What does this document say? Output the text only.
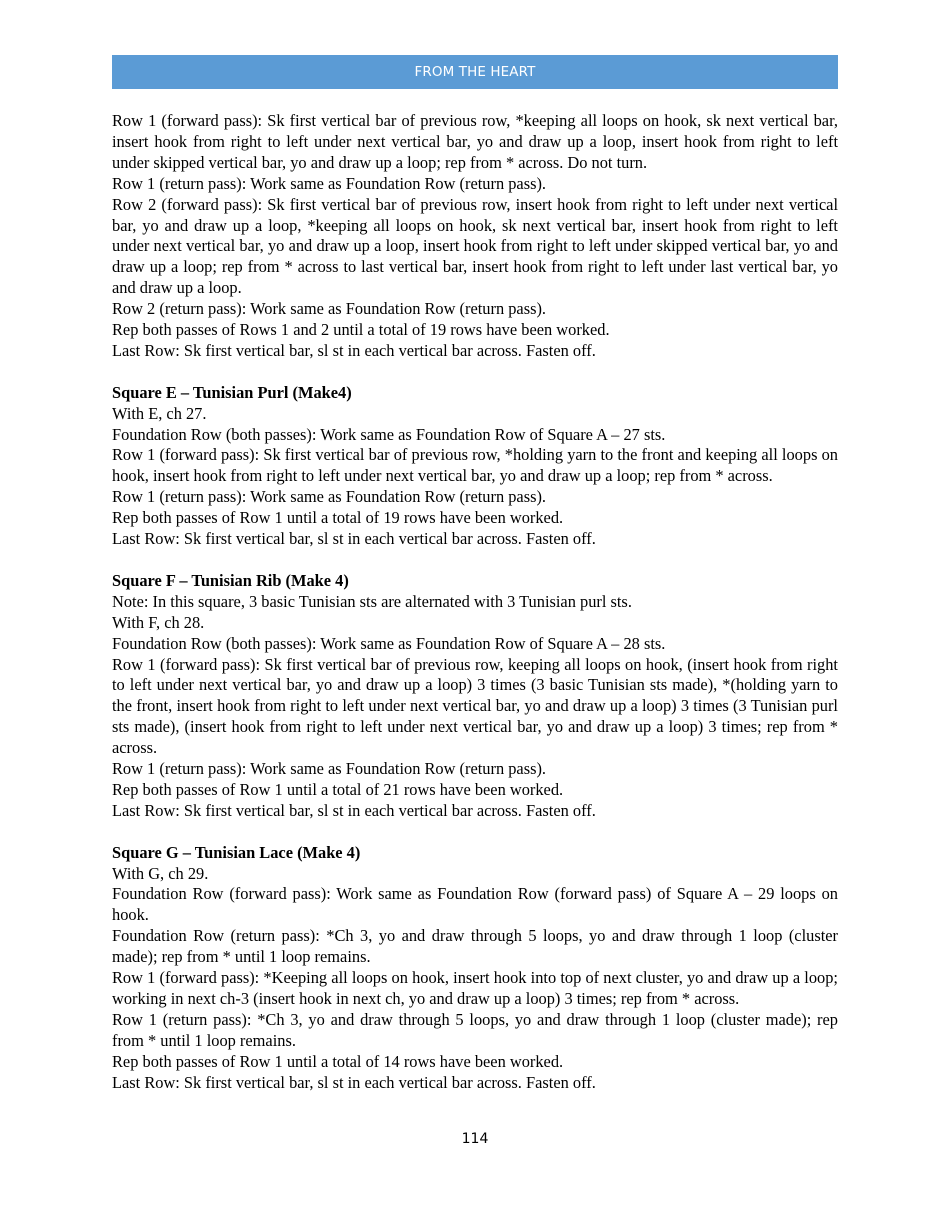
FROM THE HEART

Row 1 (forward pass): Sk first vertical bar of previous row, *keeping all loops on hook, sk next vertical bar, insert hook from right to left under next vertical bar, yo and draw up a loop, insert hook from right to left under skipped vertical bar, yo and draw up a loop; rep from * across. Do not turn.

Row 1 (return pass): Work same as Foundation Row (return pass).

Row 2 (forward pass): Sk first vertical bar of previous row, insert hook from right to left under next vertical bar, yo and draw up a loop, *keeping all loops on hook, sk next vertical bar, insert hook from right to left under next vertical bar, yo and draw up a loop, insert hook from right to left under skipped vertical bar, yo and draw up a loop; rep from * across to last vertical bar, insert hook from right to left under last vertical bar, yo and draw up a loop.

Row 2 (return pass): Work same as Foundation Row (return pass).

Rep both passes of Rows 1 and 2 until a total of 19 rows have been worked.

Last Row: Sk first vertical bar, sl st in each vertical bar across. Fasten off.

Square E – Tunisian Purl (Make4)

With E, ch 27.

Foundation Row (both passes): Work same as Foundation Row of Square A – 27 sts.

Row 1 (forward pass): Sk first vertical bar of previous row, *holding yarn to the front and keeping all loops on hook, insert hook from right to left under next vertical bar, yo and draw up a loop; rep from * across.

Row 1 (return pass): Work same as Foundation Row (return pass).

Rep both passes of Row 1 until a total of 19 rows have been worked.

Last Row: Sk first vertical bar, sl st in each vertical bar across. Fasten off.

Square F – Tunisian Rib (Make 4)

Note: In this square, 3 basic Tunisian sts are alternated with 3 Tunisian purl sts.

With F, ch 28.

Foundation Row (both passes): Work same as Foundation Row of Square A – 28 sts.

Row 1 (forward pass): Sk first vertical bar of previous row, keeping all loops on hook, (insert hook from right to left under next vertical bar, yo and draw up a loop) 3 times (3 basic Tunisian sts made), *(holding yarn to the front, insert hook from right to left under next vertical bar, yo and draw up a loop) 3 times (3 Tunisian purl sts made), (insert hook from right to left under next vertical bar, yo and draw up a loop) 3 times; rep from * across.

Row 1 (return pass): Work same as Foundation Row (return pass).

Rep both passes of Row 1 until a total of 21 rows have been worked.

Last Row: Sk first vertical bar, sl st in each vertical bar across. Fasten off.

Square G – Tunisian Lace (Make 4)

With G, ch 29.

Foundation Row (forward pass): Work same as Foundation Row (forward pass) of Square A – 29 loops on hook.

Foundation Row (return pass): *Ch 3, yo and draw through 5 loops, yo and draw through 1 loop (cluster made); rep from * until 1 loop remains.

Row 1 (forward pass): *Keeping all loops on hook, insert hook into top of next cluster, yo and draw up a loop; working in next ch-3 (insert hook in next ch, yo and draw up a loop) 3 times; rep from * across.

Row 1 (return pass): *Ch 3, yo and draw through 5 loops, yo and draw through 1 loop (cluster made); rep from * until 1 loop remains.

Rep both passes of Row 1 until a total of 14 rows have been worked.

Last Row: Sk first vertical bar, sl st in each vertical bar across. Fasten off.

114
